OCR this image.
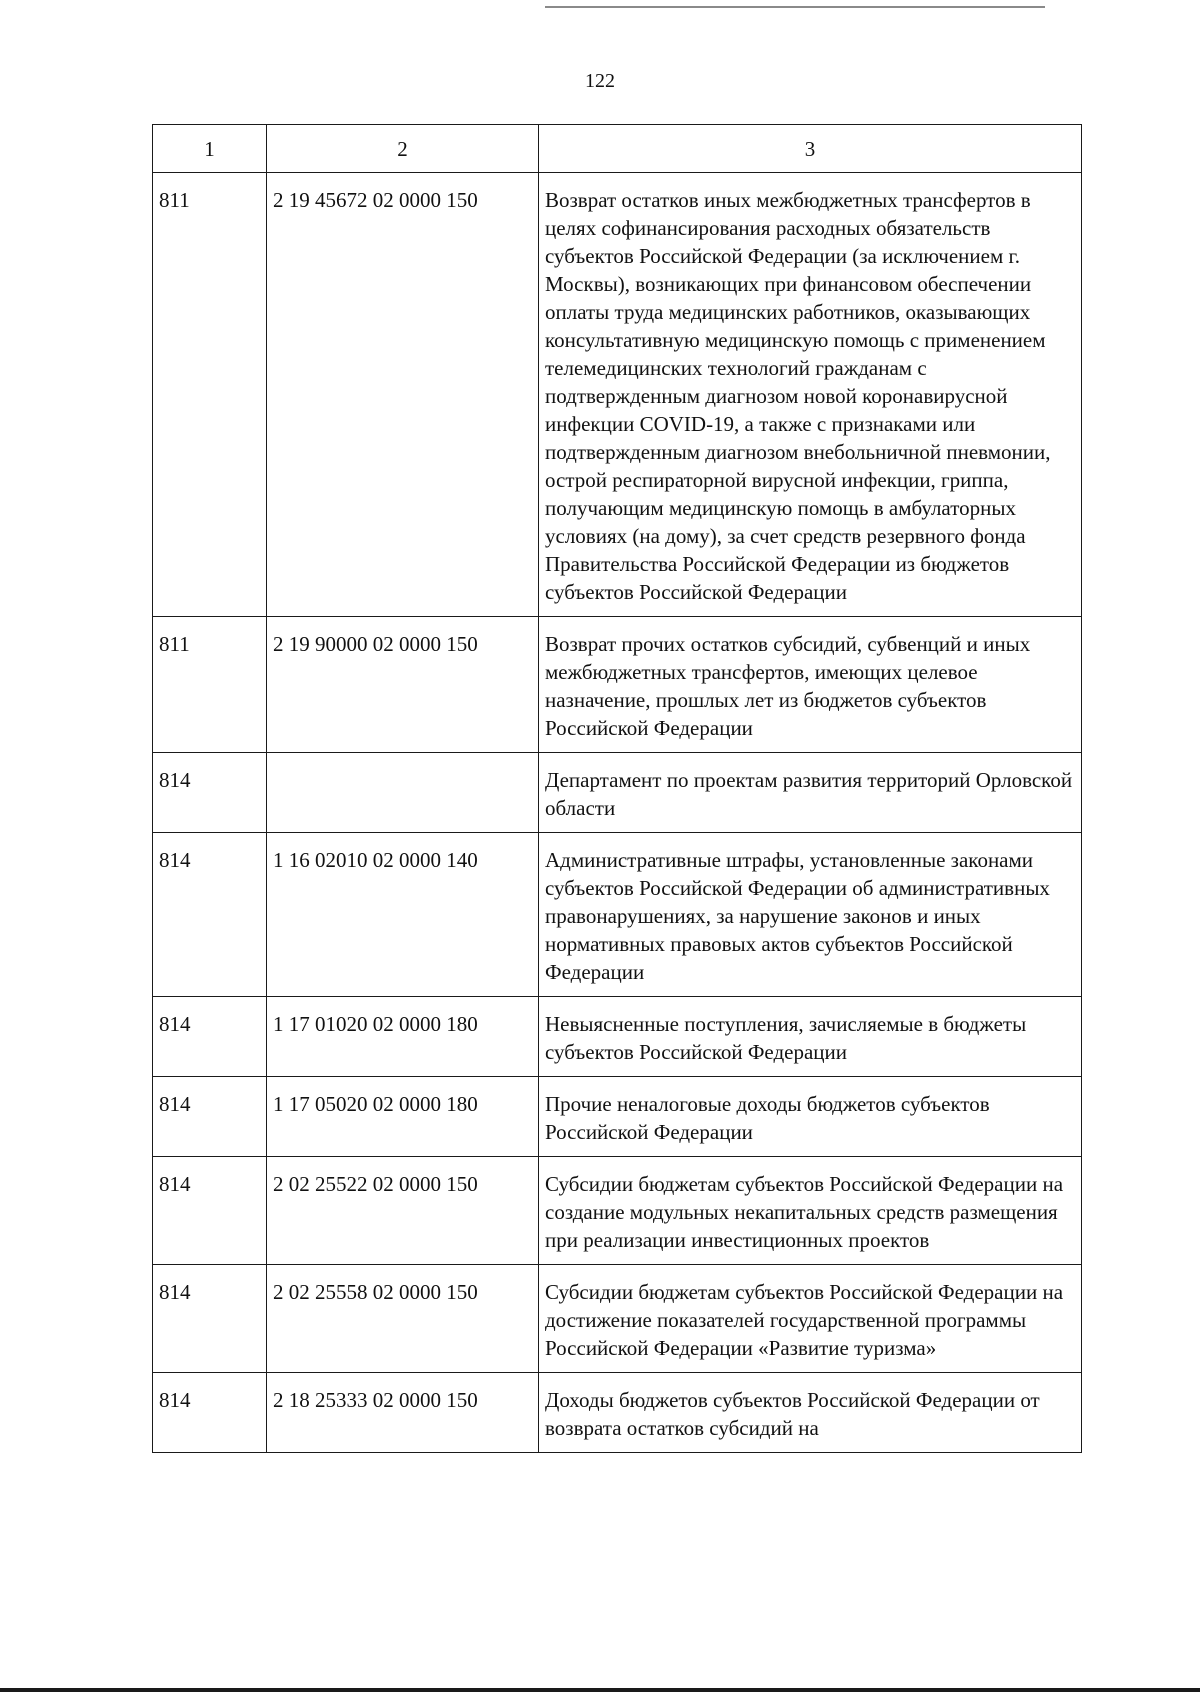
122
1	2	3
811	2 19 45672 02 0000 150	Возврат остатков иных межбюджетных трансфертов в целях софинансирования расходных обязательств субъектов Российской Федерации (за исключением г. Москвы), возникающих при финансовом обеспечении оплаты труда медицинских работников, оказывающих консультативную медицинскую помощь с применением телемедицинских технологий гражданам с подтвержденным диагнозом новой коронавирусной инфекции COVID-19, а также с признаками или подтвержденным диагнозом внебольничной пневмонии, острой респираторной вирусной инфекции, гриппа, получающим медицинскую помощь в амбулаторных условиях (на дому), за счет средств резервного фонда Правительства Российской Федерации из бюджетов субъектов Российской Федерации
811	2 19 90000 02 0000 150	Возврат прочих остатков субсидий, субвенций и иных межбюджетных трансфертов, имеющих целевое назначение, прошлых лет из бюджетов субъектов Российской Федерации
814		Департамент по проектам развития территорий Орловской области
814	1 16 02010 02 0000 140	Административные штрафы, установленные законами субъектов Российской Федерации об административных правонарушениях, за нарушение законов и иных нормативных правовых актов субъектов Российской Федерации
814	1 17 01020 02 0000 180	Невыясненные поступления, зачисляемые в бюджеты субъектов Российской Федерации
814	1 17 05020 02 0000 180	Прочие неналоговые доходы бюджетов субъектов Российской Федерации
814	2 02 25522 02 0000 150	Субсидии бюджетам субъектов Российской Федерации на создание модульных некапитальных средств размещения при реализации инвестиционных проектов
814	2 02 25558 02 0000 150	Субсидии бюджетам субъектов Российской Федерации на достижение показателей государственной программы Российской Федерации «Развитие туризма»
814	2 18 25333 02 0000 150	Доходы бюджетов субъектов Российской Федерации от возврата остатков субсидий на
